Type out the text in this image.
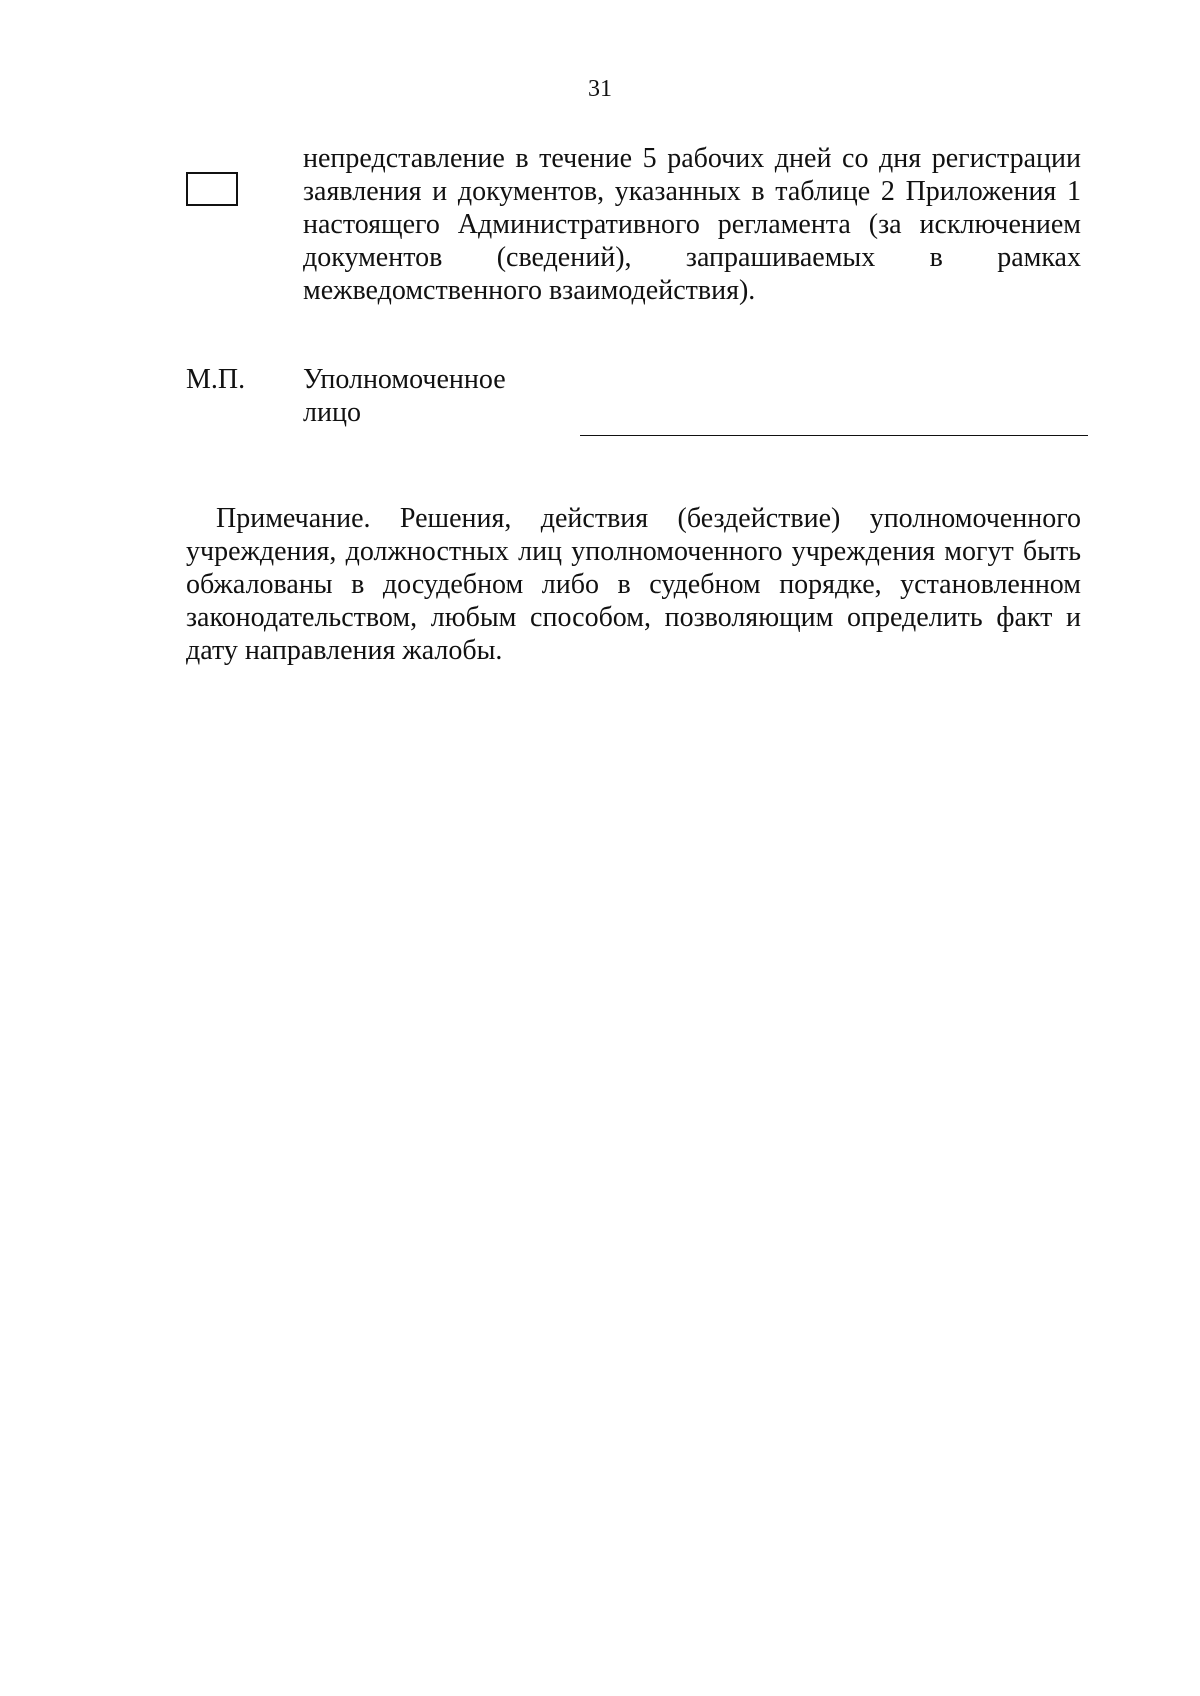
31
непредставление в течение 5 рабочих дней со дня регистрации
заявления и документов, указанных в таблице 2 Приложения 1
настоящего Административного регламента (за исключением
документов (сведений), запрашиваемых в рамках
межведомственного взаимодействия).
М.П. Уполномоченное
лицо
Примечание. Решения, действия (бездействие) уполномоченного
учреждения, должностных лиц уполномоченного учреждения могут быть
обжалованы в досудебном либо в судебном порядке, установленном
законодательством, любым способом, позволяющим определить факт и
дату направления жалобы.
